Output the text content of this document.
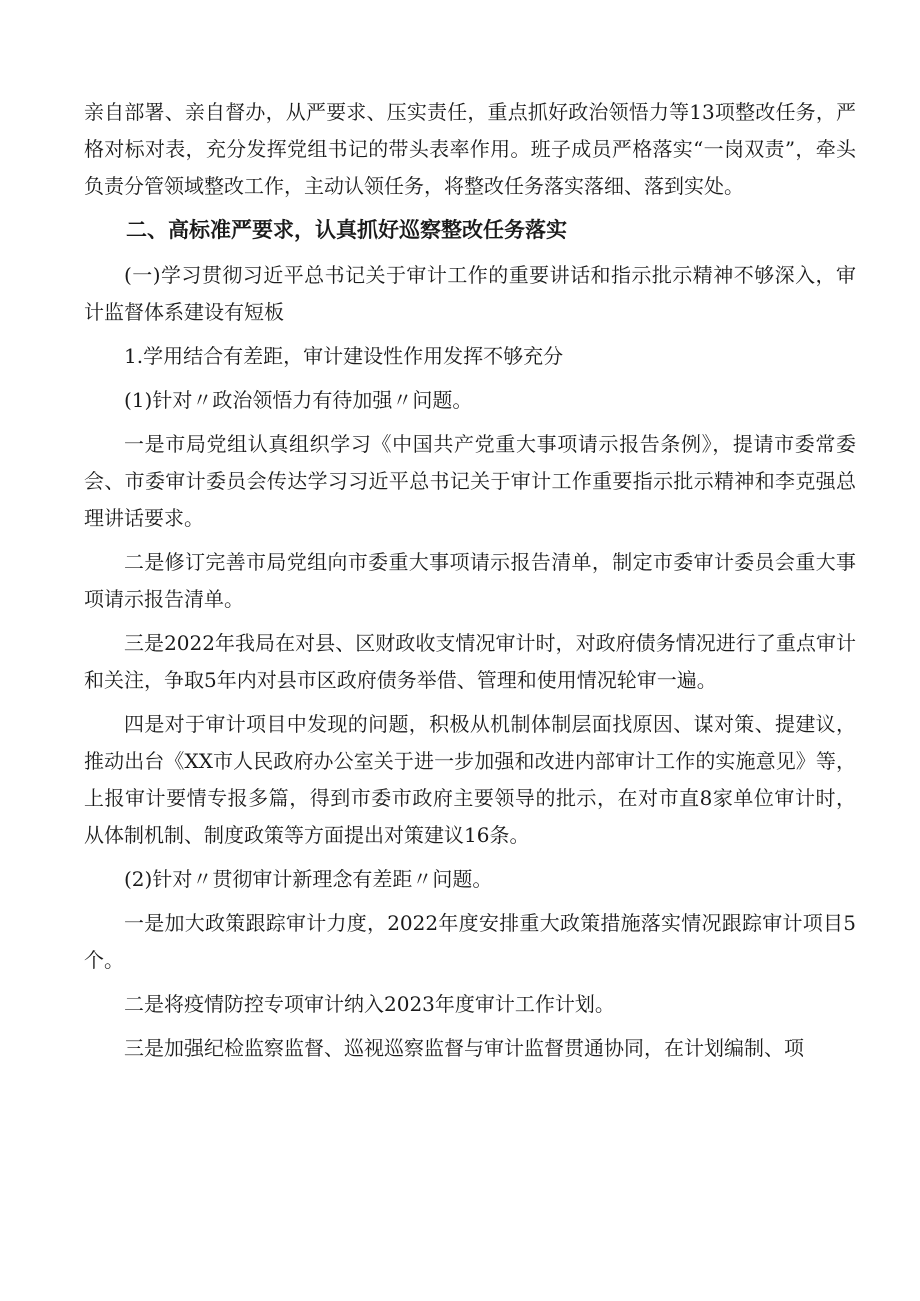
亲自部署、亲自督办，从严要求、压实责任，重点抓好政治领悟力等13项整改任务，严格对标对表，充分发挥党组书记的带头表率作用。班子成员严格落实“一岗双责”，牵头负责分管领域整改工作，主动认领任务，将整改任务落实落细、落到实处。

二、高标准严要求，认真抓好巡察整改任务落实

(一)学习贯彻习近平总书记关于审计工作的重要讲话和指示批示精神不够深入，审计监督体系建设有短板

1.学用结合有差距，审计建设性作用发挥不够充分

(1)针对〃政治领悟力有待加强〃问题。

一是市局党组认真组织学习《中国共产党重大事项请示报告条例》，提请市委常委会、市委审计委员会传达学习习近平总书记关于审计工作重要指示批示精神和李克强总理讲话要求。

二是修订完善市局党组向市委重大事项请示报告清单，制定市委审计委员会重大事项请示报告清单。

三是2022年我局在对县、区财政收支情况审计时，对政府债务情况进行了重点审计和关注，争取5年内对县市区政府债务举借、管理和使用情况轮审一遍。

四是对于审计项目中发现的问题，积极从机制体制层面找原因、谋对策、提建议，推动出台《XX市人民政府办公室关于进一步加强和改进内部审计工作的实施意见》等，上报审计要情专报多篇，得到市委市政府主要领导的批示，在对市直8家单位审计时，从体制机制、制度政策等方面提出对策建议16条。

(2)针对〃贯彻审计新理念有差距〃问题。

一是加大政策跟踪审计力度，2022年度安排重大政策措施落实情况跟踪审计项目5个。

二是将疫情防控专项审计纳入2023年度审计工作计划。

三是加强纪检监察监督、巡视巡察监督与审计监督贯通协同，在计划编制、项
